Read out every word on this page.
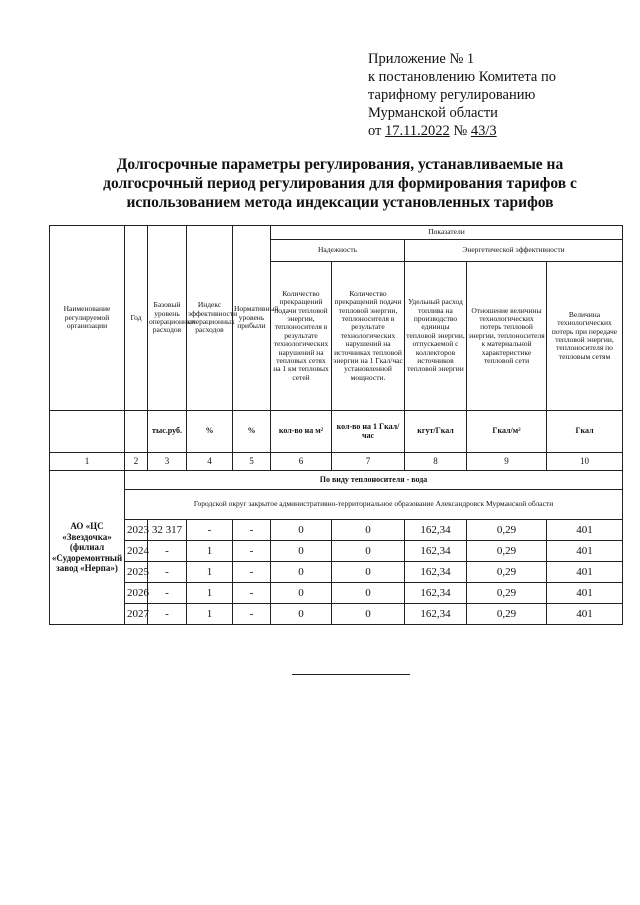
Приложение № 1
к постановлению Комитета по
тарифному регулированию
Мурманской области
от 17.11.2022 № 43/3
Долгосрочные параметры регулирования, устанавливаемые на
долгосрочный период регулирования для формирования тарифов с
использованием метода индексации установленных тарифов
Наименование регулируемой организации	Год	Базовый уровень операционных расходов	Индекс эффективности операционных расходов	Нормативный уровень прибыли	Показатели				
					Надежность		Энергетической эффективности		
					Количество прекращений подачи тепловой энергии, теплоносителя в результате технологических нарушений на тепловых сетях на 1 км тепловых сетей	Количество прекращений подачи тепловой энергии, теплоносителя в результате технологических нарушений на источниках тепловой энергии на 1 Гкал/час установленной мощности.	Удельный расход топлива на производство единицы тепловой энергии, отпускаемой с коллекторов источников тепловой энергии	Отношение величины технологических потерь тепловой энергии, теплоносителя к материальной характеристике тепловой сети	Величина технологических потерь при передаче тепловой энергии, теплоносителя по тепловым сетям
		тыс.руб.	%	%	кол-во на м²	кол-во на 1 Гкал/час	кгут/Гкал	Гкал/м²	Гкал
1	2	3	4	5	6	7	8	9	10
АО «ЦС «Звездочка» (филиал «Судоремонтный завод «Нерпа»)	По виду теплоносителя - вода								
	Городской округ закрытое административно-территориальное образование Александровск Мурманской области								
	2023	32 317	-	-	0	0	162,34	0,29	401
	2024	-	1	-	0	0	162,34	0,29	401
	2025	-	1	-	0	0	162,34	0,29	401
	2026	-	1	-	0	0	162,34	0,29	401
	2027	-	1	-	0	0	162,34	0,29	401
